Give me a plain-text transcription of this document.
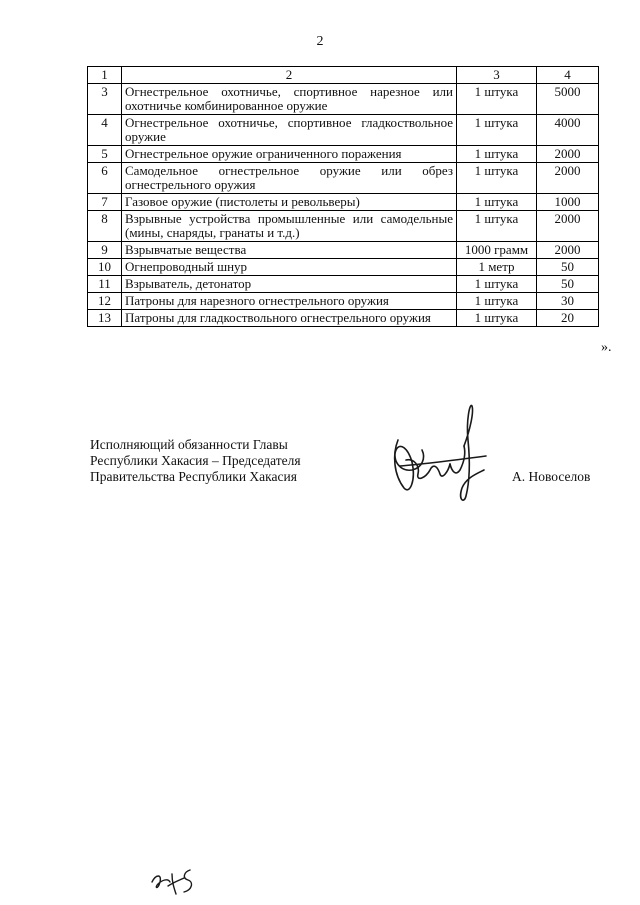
2
1	2	3	4
3	Огнестрельное охотничье, спортивное нарезное или охотничье комбинированное оружие	1 штука	5000
4	Огнестрельное охотничье, спортивное гладкоствольное оружие	1 штука	4000
5	Огнестрельное оружие ограниченного поражения	1 штука	2000
6	Самодельное огнестрельное оружие или обрез огнестрельного оружия	1 штука	2000
7	Газовое оружие (пистолеты и револьверы)	1 штука	1000
8	Взрывные устройства промышленные или самодельные (мины, снаряды, гранаты и т.д.)	1 штука	2000
9	Взрывчатые вещества	1000 грамм	2000
10	Огнепроводный шнур	1 метр	50
11	Взрыватель, детонатор	1 штука	50
12	Патроны для нарезного огнестрельного оружия	1 штука	30
13	Патроны для гладкоствольного огнестрельного оружия	1 штука	20
».
Исполняющий обязанности Главы
Республики Хакасия – Председателя
Правительства Республики Хакасия	А. Новоселов
